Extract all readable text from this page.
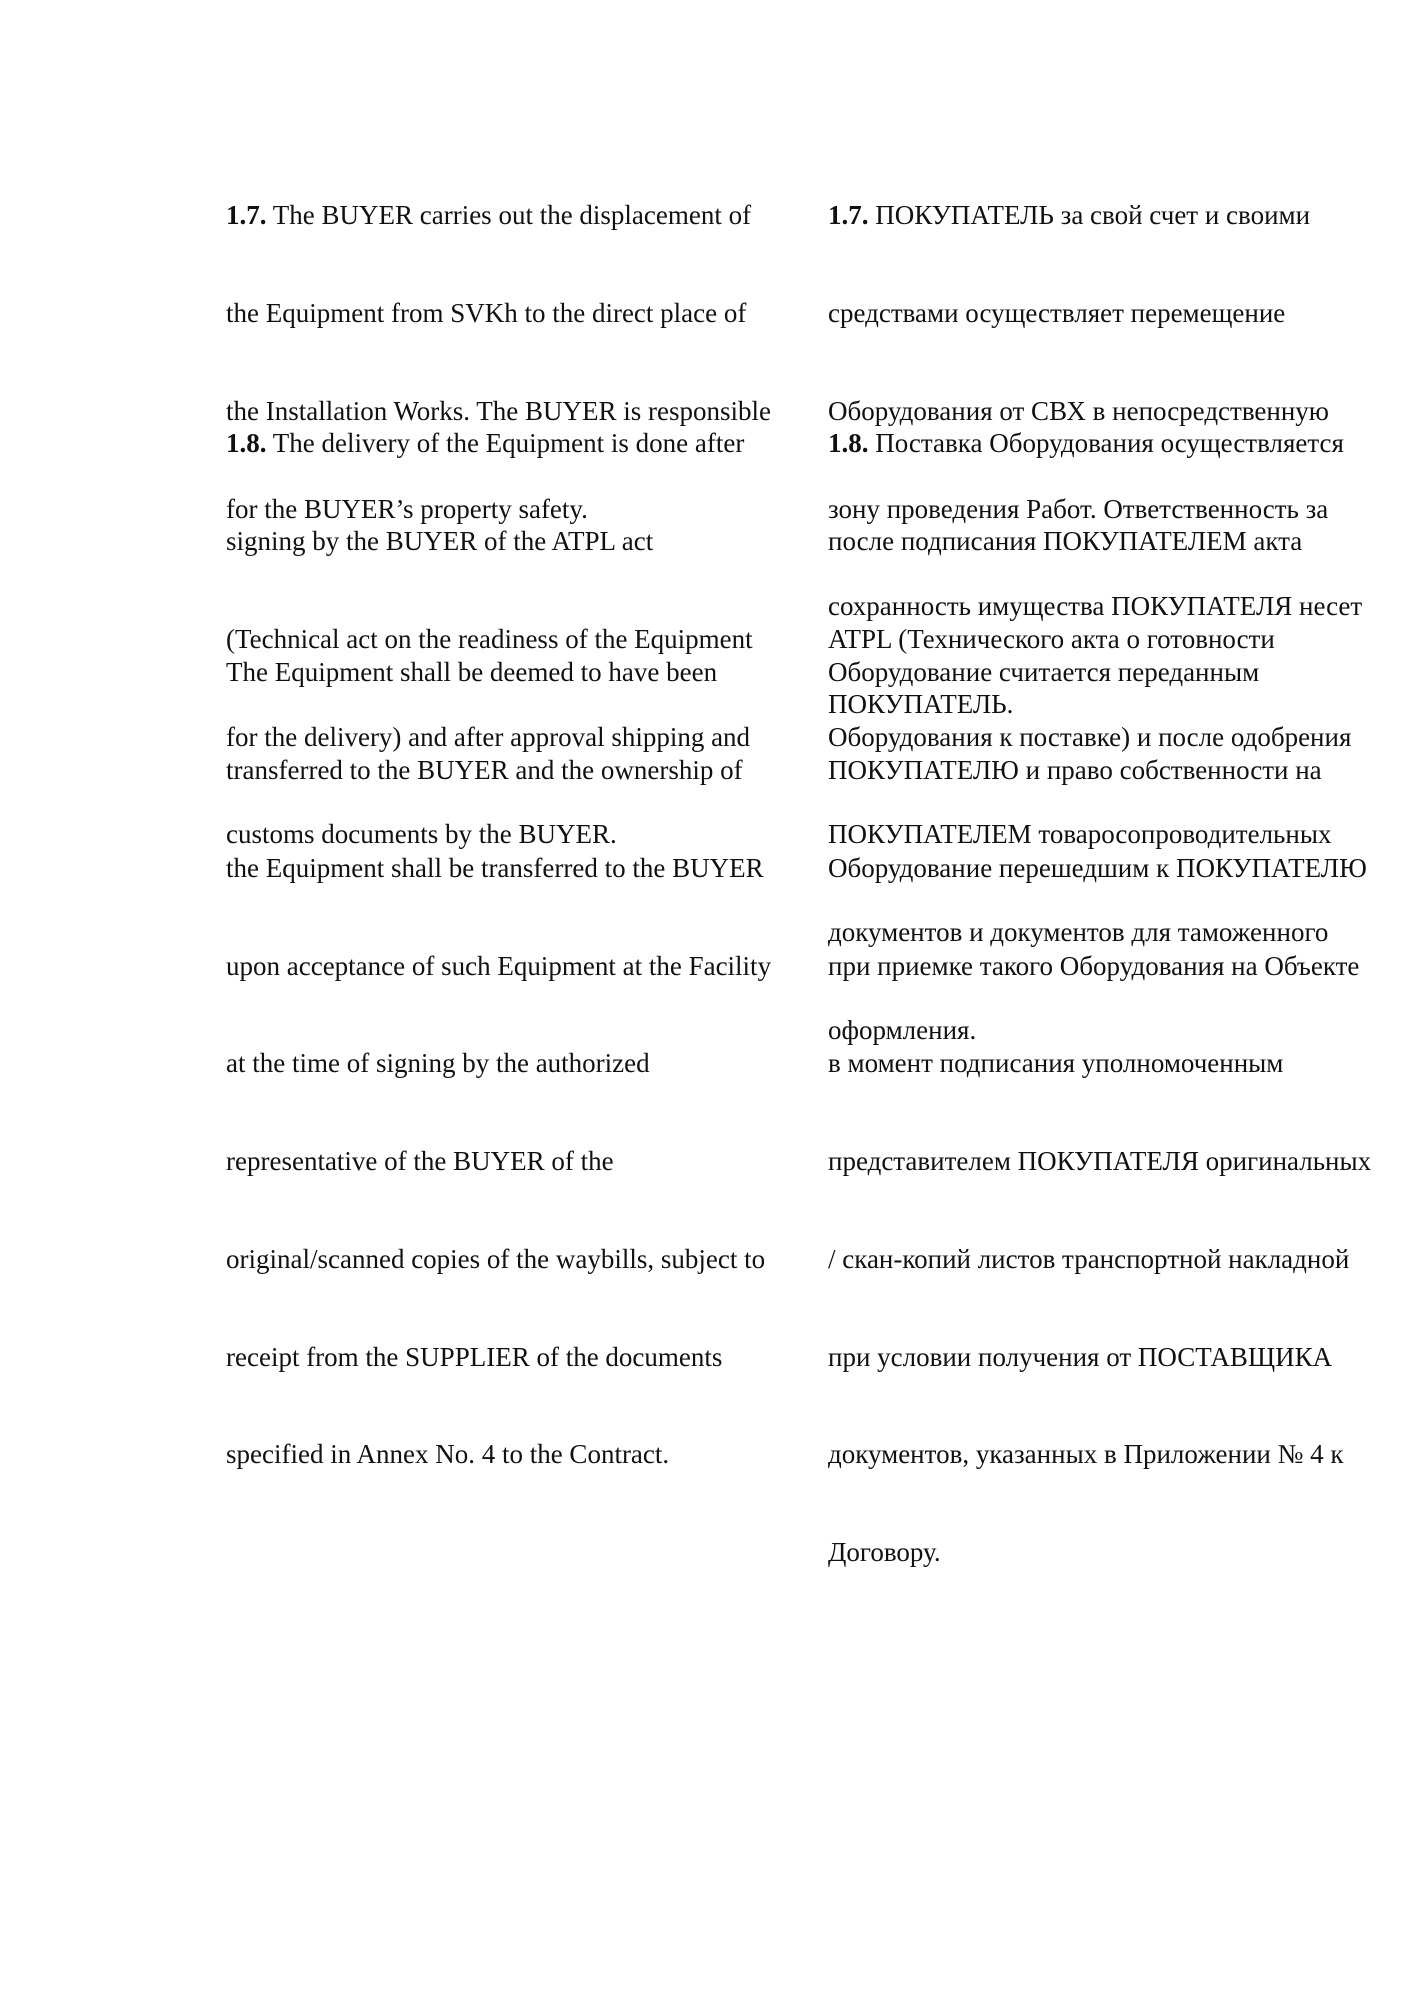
1.7. The BUYER carries out the displacement of

the Equipment from SVKh to the direct place of

the Installation Works. The BUYER is responsible

for the BUYER’s property safety.

1.8. The delivery of the Equipment is done after

signing by the BUYER of the ATPL act

(Technical act on the readiness of the Equipment

for the delivery) and after approval shipping and

customs documents by the BUYER.

The Equipment shall be deemed to have been

transferred to the BUYER and the ownership of

the Equipment shall be transferred to the BUYER

upon acceptance of such Equipment at the Facility

at the time of signing by the authorized

representative of the BUYER of the

original/scanned copies of the waybills, subject to

receipt from the SUPPLIER of the documents

specified in Annex No. 4 to the Contract.

1.7. ПОКУПАТЕЛЬ за свой счет и своими

средствами осуществляет перемещение

Оборудования от СВХ в непосредственную

зону проведения Работ. Ответственность за

сохранность имущества ПОКУПАТЕЛЯ несет

ПОКУПАТЕЛЬ.

1.8. Поставка Оборудования осуществляется

после подписания ПОКУПАТЕЛЕМ акта

ATPL (Технического акта о готовности

Оборудования к поставке) и после одобрения

ПОКУПАТЕЛЕМ товаросопроводительных

документов и документов для таможенного

оформления.

Оборудование считается переданным

ПОКУПАТЕЛЮ и право собственности на

Оборудование перешедшим к ПОКУПАТЕЛЮ

при приемке такого Оборудования на Объекте

в момент подписания уполномоченным

представителем ПОКУПАТЕЛЯ оригинальных

/ скан-копий листов транспортной накладной

при условии получения от ПОСТАВЩИКА

документов, указанных в Приложении № 4 к

Договору.
